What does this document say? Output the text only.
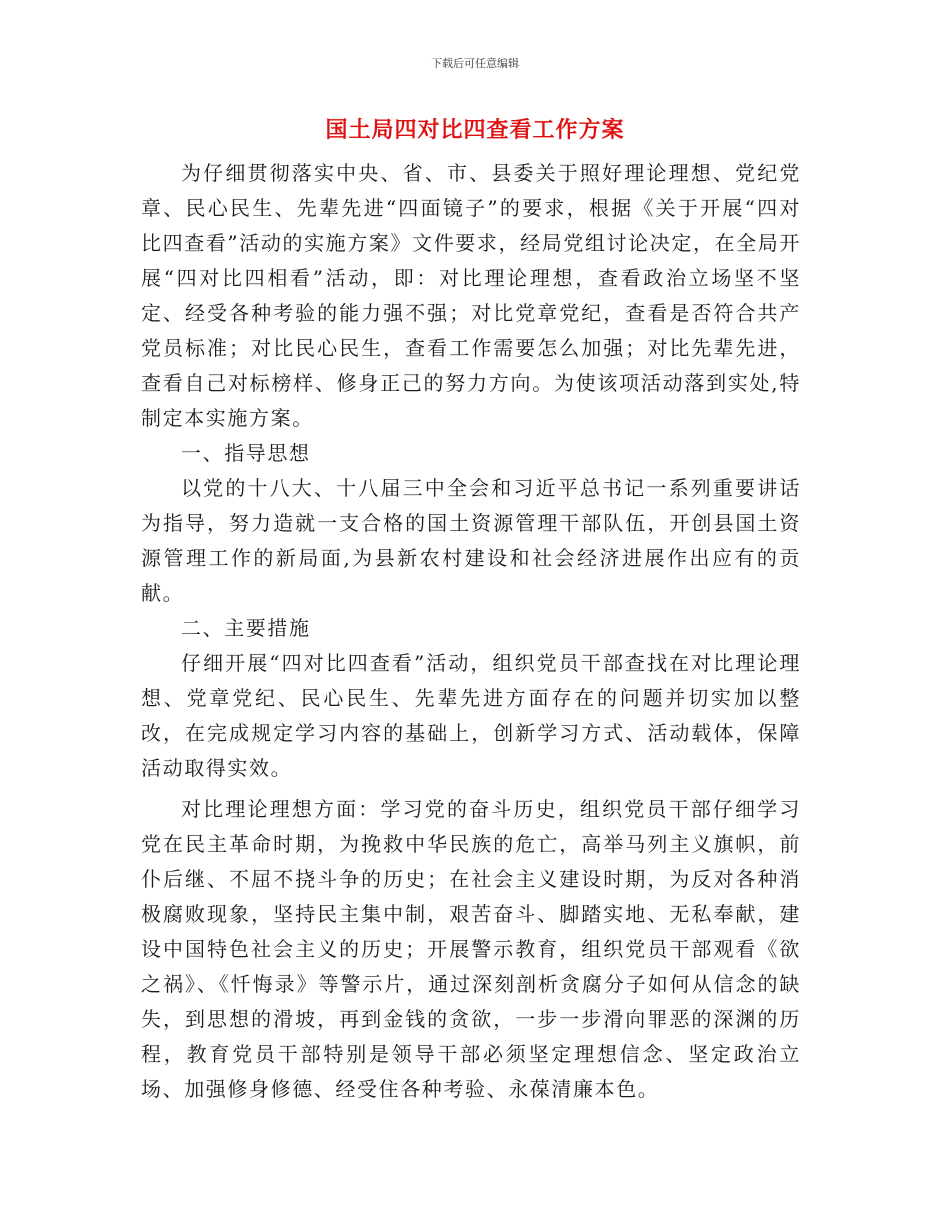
下载后可任意编辑
国土局四对比四查看工作方案

为仔细贯彻落实中央、省、市、县委关于照好理论理想、党纪党章、民心民生、先辈先进“四面镜子”的要求，根据《关于开展“四对比四查看”活动的实施方案》文件要求，经局党组讨论决定，在全局开展“四对比四相看”活动，即：对比理论理想，查看政治立场坚不坚定、经受各种考验的能力强不强；对比党章党纪，查看是否符合共产党员标准；对比民心民生，查看工作需要怎么加强；对比先辈先进，查看自己对标榜样、修身正己的努力方向。为使该项活动落到实处,特制定本实施方案。

一、指导思想

以党的十八大、十八届三中全会和习近平总书记一系列重要讲话为指导，努力造就一支合格的国土资源管理干部队伍，开创县国土资源管理工作的新局面,为县新农村建设和社会经济进展作出应有的贡献。

二、主要措施

仔细开展“四对比四查看”活动，组织党员干部查找在对比理论理想、党章党纪、民心民生、先辈先进方面存在的问题并切实加以整改，在完成规定学习内容的基础上，创新学习方式、活动载体，保障活动取得实效。

对比理论理想方面：学习党的奋斗历史，组织党员干部仔细学习党在民主革命时期，为挽救中华民族的危亡，高举马列主义旗帜，前仆后继、不屈不挠斗争的历史；在社会主义建设时期，为反对各种消极腐败现象，坚持民主集中制，艰苦奋斗、脚踏实地、无私奉献，建设中国特色社会主义的历史；开展警示教育，组织党员干部观看《欲之祸》、《忏悔录》等警示片，通过深刻剖析贪腐分子如何从信念的缺失，到思想的滑坡，再到金钱的贪欲，一步一步滑向罪恶的深渊的历程，教育党员干部特别是领导干部必须坚定理想信念、坚定政治立场、加强修身修德、经受住各种考验、永葆清廉本色。
